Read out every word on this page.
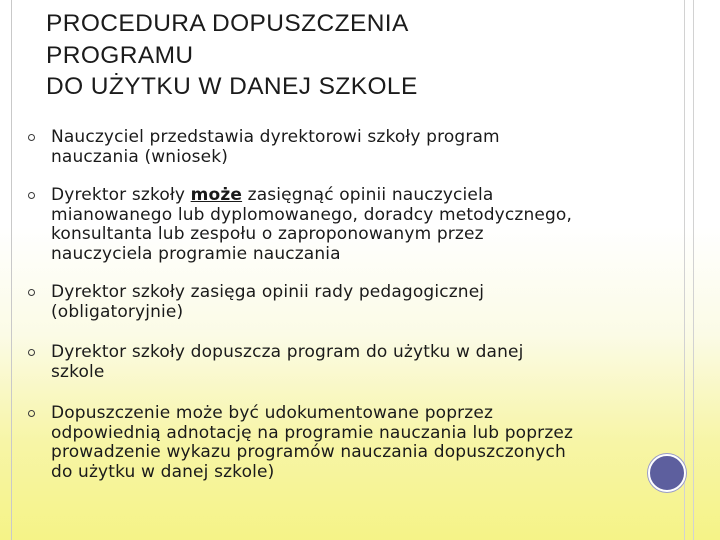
PROCEDURA DOPUSZCZENIA
PROGRAMU
DO UŻYTKU W DANEJ SZKOLE
Nauczyciel przedstawia dyrektorowi szkoły program
nauczania (wniosek)
Dyrektor szkoły może zasięgnąć opinii nauczyciela
mianowanego lub dyplomowanego, doradcy metodycznego,
konsultanta lub zespołu o zaproponowanym przez
nauczyciela programie nauczania
Dyrektor szkoły zasięga opinii rady pedagogicznej
(obligatoryjnie)
Dyrektor szkoły dopuszcza program do użytku w danej
szkole
Dopuszczenie może być udokumentowane poprzez
odpowiednią adnotację na programie nauczania lub poprzez
prowadzenie wykazu programów nauczania dopuszczonych
do użytku w danej szkole)
